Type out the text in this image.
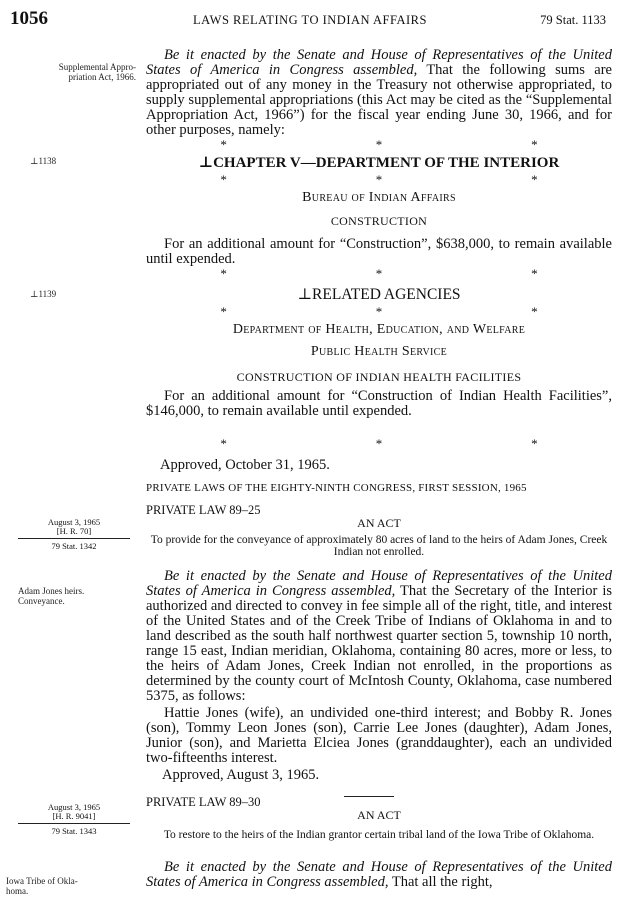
1056	LAWS RELATING TO INDIAN AFFAIRS	79 Stat. 1133
Supplemental Appro-
priation Act, 1966.
⊥1138
⊥1139
August 3, 1965
[H. R. 70]
79 Stat. 1342
Adam Jones heirs.
Conveyance.
August 3, 1965
[H. R. 9041]
79 Stat. 1343
Iowa Tribe of Okla-
homa.
Be it enacted by the Senate and House of Representatives of the United States of America in Congress assembled, That the following sums are appropriated out of any money in the Treasury not otherwise appropriated, to supply supplemental appropriations (this Act may be cited as the “Supplemental Appropriation Act, 1966”) for the fiscal year ending June 30, 1966, and for other purposes, namely:
*	*	*
⊥CHAPTER V—DEPARTMENT OF THE INTERIOR
*	*	*
Bureau of Indian Affairs
CONSTRUCTION
For an additional amount for “Construction”, $638,000, to remain available until expended.
*	*	*
⊥RELATED AGENCIES
*	*	*
Department of Health, Education, and Welfare
Public Health Service
CONSTRUCTION OF INDIAN HEALTH FACILITIES
For an additional amount for “Construction of Indian Health Facilities”, $146,000, to remain available until expended.
*	*	*
Approved, October 31, 1965.
PRIVATE LAWS OF THE EIGHTY-NINTH CONGRESS, FIRST SESSION, 1965
PRIVATE LAW 89–25
AN ACT
To provide for the conveyance of approximately 80 acres of land to the heirs of Adam Jones, Creek Indian not enrolled.
Be it enacted by the Senate and House of Representatives of the United States of America in Congress assembled, That the Secretary of the Interior is authorized and directed to convey in fee simple all of the right, title, and interest of the United States and of the Creek Tribe of Indians of Oklahoma in and to land described as the south half northwest quarter section 5, township 10 north, range 15 east, Indian meridian, Oklahoma, containing 80 acres, more or less, to the heirs of Adam Jones, Creek Indian not enrolled, in the proportions as determined by the county court of McIntosh County, Oklahoma, case numbered 5375, as follows:
Hattie Jones (wife), an undivided one-third interest; and Bobby R. Jones (son), Tommy Leon Jones (son), Carrie Lee Jones (daughter), Adam Jones, Junior (son), and Marietta Elciea Jones (granddaughter), each an undivided two-fifteenths interest.
Approved, August 3, 1965.
PRIVATE LAW 89–30
AN ACT
To restore to the heirs of the Indian grantor certain tribal land of the Iowa Tribe of Oklahoma.
Be it enacted by the Senate and House of Representatives of the United States of America in Congress assembled, That all the right,
